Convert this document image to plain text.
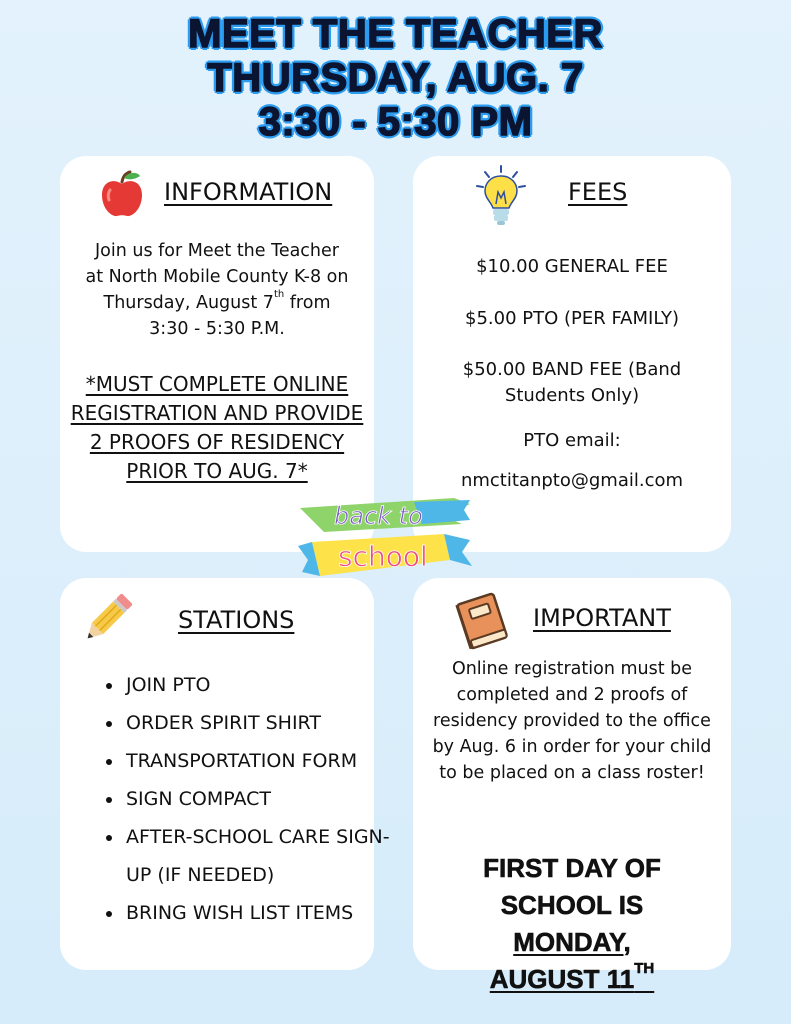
MEET THE TEACHER
THURSDAY, AUG. 7
3:30 - 5:30 PM
INFORMATION
Join us for Meet the Teacher
at North Mobile County K-8 on
Thursday, August 7th from
3:30 - 5:30 P.M.
*MUST COMPLETE ONLINE
REGISTRATION AND PROVIDE
2 PROOFS OF RESIDENCY
PRIOR TO AUG. 7*
FEES
$10.00 GENERAL FEE
$5.00 PTO (PER FAMILY)
$50.00 BAND FEE (Band
Students Only)
PTO email:
nmctitanpto@gmail.com
back to
school
STATIONS
• JOIN PTO
• ORDER SPIRIT SHIRT
• TRANSPORTATION FORM
• SIGN COMPACT
• AFTER-SCHOOL CARE SIGN-UP (IF NEEDED)
• BRING WISH LIST ITEMS
IMPORTANT
Online registration must be
completed and 2 proofs of
residency provided to the office
by Aug. 6 in order for your child
to be placed on a class roster!
FIRST DAY OF
SCHOOL IS
MONDAY,
AUGUST 11TH
